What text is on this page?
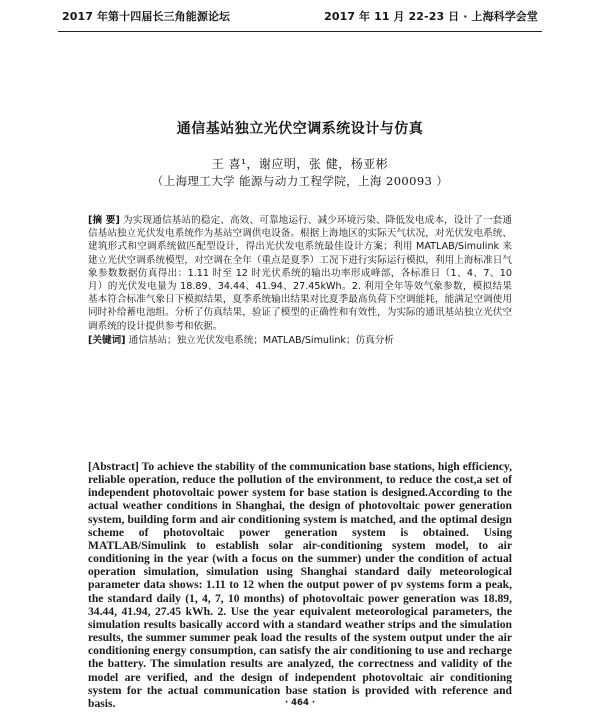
2017 年第十四届长三角能源论坛	2017 年 11 月 22-23 日 · 上海科学会堂
通信基站独立光伏空调系统设计与仿真
王 喜¹，谢应明，张 健，杨亚彬
（上海理工大学 能源与动力工程学院，上海 200093 ）
[摘 要] 为实现通信基站的稳定、高效、可靠地运行、减少环境污染、降低发电成本，设计了一套通信基站独立光伏发电系统作为基站空调供电设备。根据上海地区的实际天气状况，对光伏发电系统、建筑形式和空调系统做匹配型设计，得出光伏发电系统最佳设计方案；利用 MATLAB/Simulink 来建立光伏空调系统模型，对空调在全年（重点是夏季）工况下进行实际运行模拟，利用上海标准日气象参数数据仿真得出：1.11 时至 12 时光伏系统的输出功率形成峰部，各标准日（1、4、7、10 月）的光伏发电量为 18.89、34.44、41.94、27.45kWh。2. 利用全年等效气象参数，模拟结果基本符合标准气象日下模拟结果，夏季系统输出结果对比夏季最高负荷下空调能耗，能满足空调使用同时补给蓄电池组。分析了仿真结果，验证了模型的正确性和有效性，为实际的通讯基站独立光伏空调系统的设计提供参考和依据。
[关键词] 通信基站；独立光伏发电系统；MATLAB/Simulink；仿真分析
[Abstract] To achieve the stability of the communication base stations, high efficiency, reliable operation, reduce the pollution of the environment, to reduce the cost,a set of independent photovoltaic power system for base station is designed.According to the actual weather conditions in Shanghai, the design of photovoltaic power generation system, building form and air conditioning system is matched, and the optimal design scheme of photovoltaic power generation system is obtained. Using MATLAB/Simulink to establish solar air-conditioning system model, to air conditioning in the year (with a focus on the summer) under the condition of actual operation simulation, simulation using Shanghai standard daily meteorological parameter data shows: 1.11 to 12 when the output power of pv systems form a peak, the standard daily (1, 4, 7, 10 months) of photovoltaic power generation was 18.89, 34.44, 41.94, 27.45 kWh. 2. Use the year equivalent meteorological parameters, the simulation results basically accord with a standard weather strips and the simulation results, the summer summer peak load the results of the system output under the air conditioning energy consumption, can satisfy the air conditioning to use and recharge the battery. The simulation results are analyzed, the correctness and validity of the model are verified, and the design of independent photovoltaic air conditioning system for the actual communication base station is provided with reference and basis.	· 464 ·
